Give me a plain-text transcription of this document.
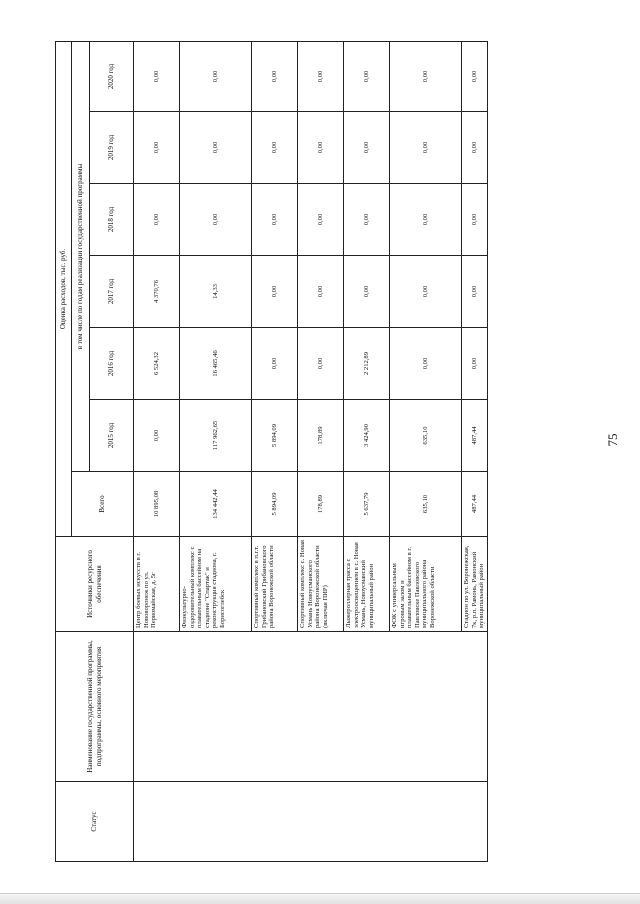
75
Статус	Наименование государственной программы, подпрограммы, основного мероприятия	Источники ресурсного обеспечения	Оценка расходов, тыс. руб.						
			Всего	в том числе по годам реализации государственной программы					
				2015 год	2016 год	2017 год	2018 год	2019 год	2020 год
		Центр боевых искусств в г. Нововоронеж по ул. Первомайская, д. 5г	10 895,08	0,00	6 524,32	4 370,76	0,00	0,00	0,00
		Физкультурно-оздоровительный комплекс с плавательным бассейном на стадионе "Спартак" и реконструкция стадиона, г. Борисоглебск	134 442,44	117 962,65	16 465,46	14,33	0,00	0,00	0,00
		Спортивный комплекс в п.г.т. Грибановский Грибановского района Воронежской области	5 894,09	5 894,09	0,00	0,00	0,00	0,00	0,00
		Спортивный комплекс с. Новая Усмань Новоусманского района Воронежской области (включая ПИР)	178,89	178,89	0,00	0,00	0,00	0,00	0,00
		Лыжероллерная трасса с электроосвещением в с. Новая Усмань, Новоусманский муниципальный район	5 637,79	3 424,90	2 212,89	0,00	0,00	0,00	0,00
		ФОК с универсальным игровым залом и плавательным бассейном в г. Павловске Павловского муниципального района Воронежской области	635,10	635,10	0,00	0,00	0,00	0,00	0,00
		Стадион по ул. Воронежская, 7к, р.п. Рамонь, Рамонский муниципальный район	487,44	487,44	0,00	0,00	0,00	0,00	0,00
